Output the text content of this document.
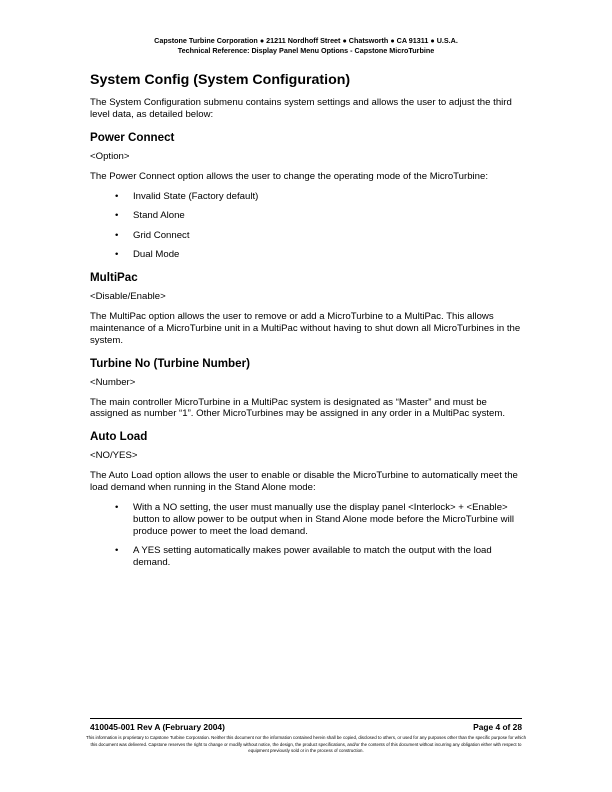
Capstone Turbine Corporation ● 21211 Nordhoff Street ● Chatsworth ● CA 91311 ● U.S.A.
Technical Reference: Display Panel Menu Options - Capstone MicroTurbine
System Config (System Configuration)

The System Configuration submenu contains system settings and allows the user to adjust the third level data, as detailed below:

Power Connect

<Option>

The Power Connect option allows the user to change the operating mode of the MicroTurbine:

• Invalid State (Factory default)
• Stand Alone
• Grid Connect
• Dual Mode
MultiPac

<Disable/Enable>

The MultiPac option allows the user to remove or add a MicroTurbine to a MultiPac. This allows maintenance of a MicroTurbine unit in a MultiPac without having to shut down all MicroTurbines in the system.

Turbine No (Turbine Number)

<Number>

The main controller MicroTurbine in a MultiPac system is designated as “Master” and must be assigned as number “1”. Other MicroTurbines may be assigned in any order in a MultiPac system.

Auto Load

<NO/YES>

The Auto Load option allows the user to enable or disable the MicroTurbine to automatically meet the load demand when running in the Stand Alone mode:

• With a NO setting, the user must manually use the display panel <Interlock> + <Enable> button to allow power to be output when in Stand Alone mode before the MicroTurbine will produce power to meet the load demand.
• A YES setting automatically makes power available to match the output with the load demand.
410045-001 Rev A (February 2004)	Page 4 of 28
This information is proprietary to Capstone Turbine Corporation. Neither this document nor the information contained herein shall be copied, disclosed to others, or used for any purposes other than the specific purpose for which this document was delivered. Capstone reserves the right to change or modify without notice, the design, the product specifications, and/or the contents of this document without incurring any obligation either with respect to equipment previously sold or in the process of construction.
